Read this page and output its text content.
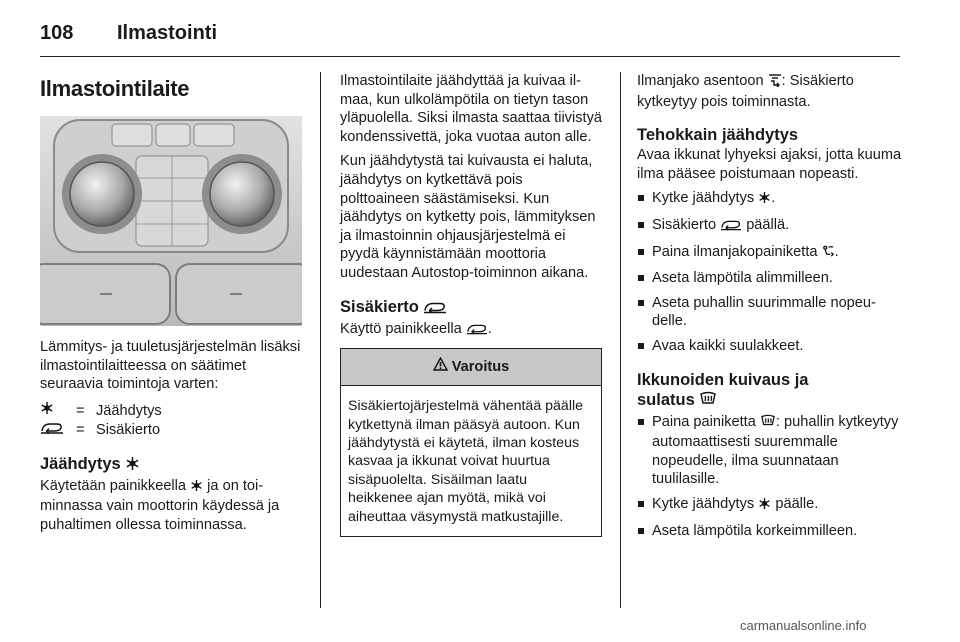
108 Ilmastointi
Ilmastointilaite

Lämmitys- ja tuuletusjärjestelmän lisäksi ilmastointilaitteessa on säätimet seuraavia toimintoja varten:

= Jäähdytys
= Sisäkierto
Jäähdytys

Käytetään painikkeella ja on toiminnassa vain moottorin käydessä ja puhaltimen ollessa toiminnassa.

Ilmastointilaite jäähdyttää ja kuivaa ilmaa, kun ulkolämpötila on tietyn tason yläpuolella. Siksi ilmasta saattaa tiivistyä kondenssivettä, joka vuotaa auton alle.

Kun jäähdytystä tai kuivausta ei haluta, jäähdytys on kytkettävä pois polttoaineen säästämiseksi. Kun jäähdytys on kytketty pois, lämmityksen ja ilmastoinnin ohjausjärjestelmä ei pyydä käynnistämään moottoria uudestaan Autostop-toiminnon aikana.

Sisäkierto

Käyttö painikkeella .

Varoitus
Sisäkiertojärjestelmä vähentää päälle kytkettynä ilman pääsyä autoon. Kun jäähdytystä ei käytetä, ilman kosteus kasvaa ja ikkunat voivat huurtua sisäpuolelta. Sisäilman laatu heikkenee ajan myötä, mikä voi aiheuttaa väsymystä matkustajille.

Ilmanjako asentoon : Sisäkierto kytkeytyy pois toiminnasta.

Tehokkain jäähdytys

Avaa ikkunat lyhyeksi ajaksi, jotta kuuma ilma pääsee poistumaan nopeasti.

Kytke jäähdytys .
Sisäkierto  päällä.
Paina ilmanjakopainiketta .
Aseta lämpötila alimmilleen.
Aseta puhallin suurimmalle nopeudelle.
Avaa kaikki suulakkeet.
Ikkunoiden kuivaus ja
sulatus
Paina painiketta : puhallin kytkeytyy automaattisesti suuremmalle nopeudelle, ilma suunnataan tuulilasille.
Kytke jäähdytys  päälle.
Aseta lämpötila korkeimmilleen.
carmanualsonline.info
